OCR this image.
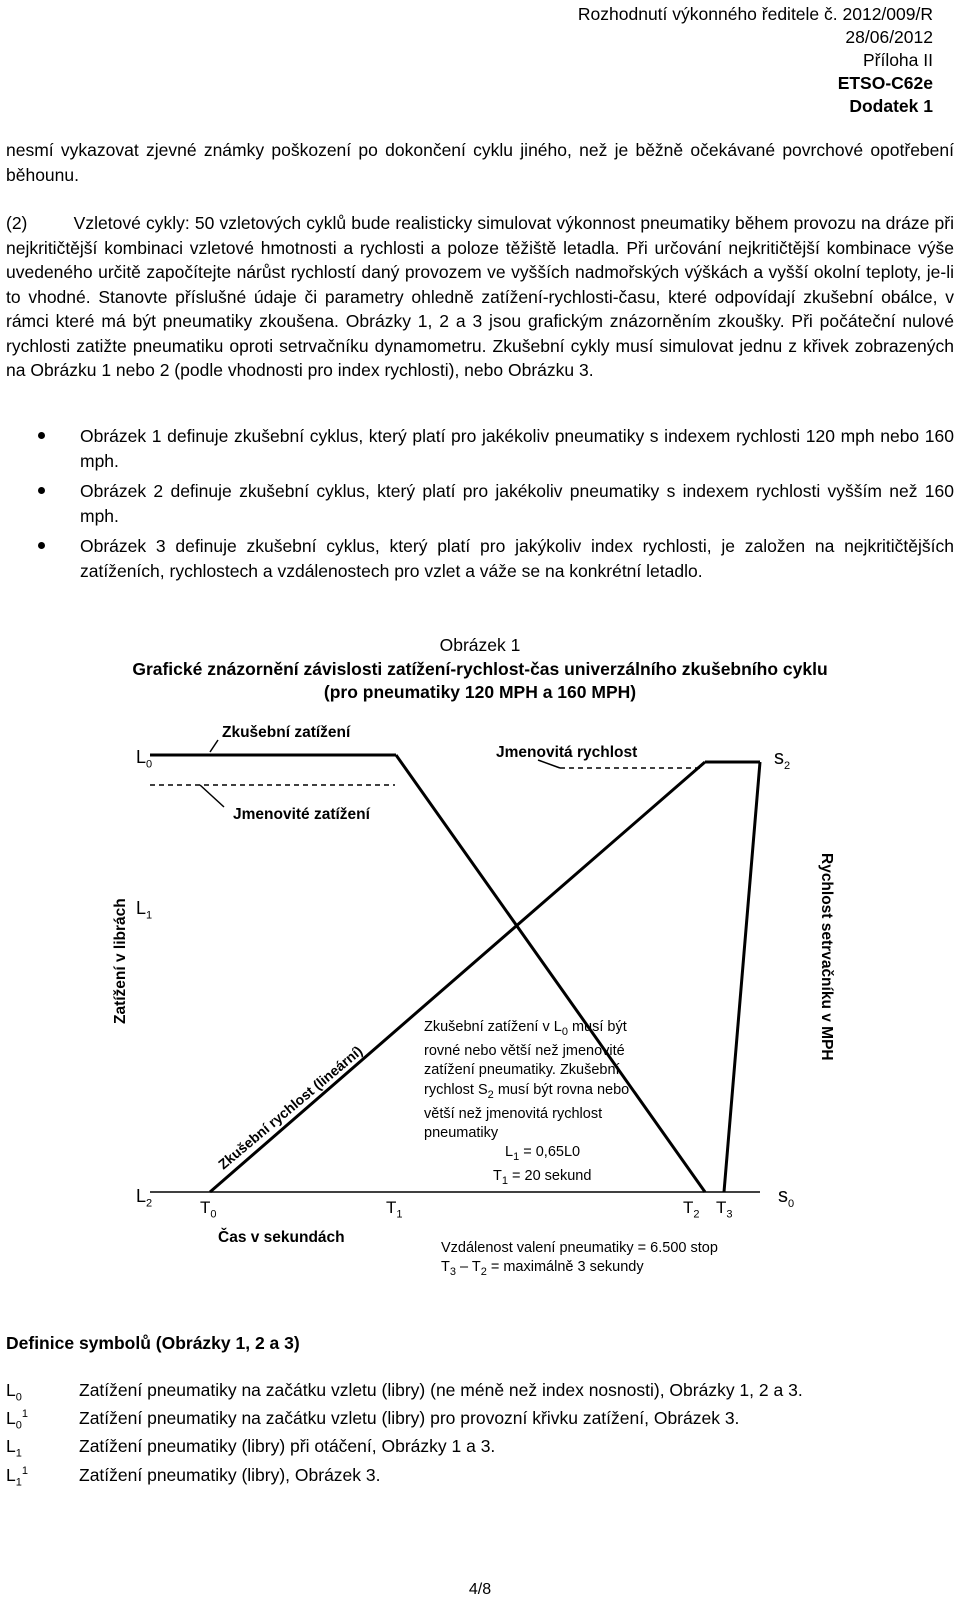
Rozhodnutí výkonného ředitele č. 2012/009/R
28/06/2012
Příloha II
ETSO-C62e
Dodatek 1
nesmí vykazovat zjevné známky poškození po dokončení cyklu jiného, než je běžně očekávané povrchové opotřebení běhounu.
(2)         Vzletové cykly: 50 vzletových cyklů bude realisticky simulovat výkonnost pneumatiky během provozu na dráze při nejkritičtější kombinaci vzletové hmotnosti a rychlosti a poloze těžiště letadla. Při určování nejkritičtější kombinace výše uvedeného určitě započítejte nárůst rychlostí daný provozem ve vyšších nadmořských výškách a vyšší okolní teploty, je-li to vhodné. Stanovte příslušné údaje či parametry ohledně zatížení-rychlosti-času, které odpovídají zkušební obálce, v rámci které má být pneumatiky zkoušena. Obrázky 1, 2 a 3 jsou grafickým znázorněním zkoušky. Při počáteční nulové rychlosti zatižte pneumatiku oproti setrvačníku dynamometru. Zkušební cykly musí simulovat jednu z křivek zobrazených na Obrázku 1 nebo 2 (podle vhodnosti pro index rychlosti), nebo Obrázku 3.
Obrázek 1 definuje zkušební cyklus, který platí pro jakékoliv pneumatiky s indexem rychlosti 120 mph nebo 160 mph.
Obrázek 2 definuje zkušební cyklus, který platí pro jakékoliv pneumatiky s indexem rychlosti vyšším než 160 mph.
Obrázek 3 definuje zkušební cyklus, který platí pro jakýkoliv index rychlosti, je založen na nejkritičtějších zatíženích, rychlostech a vzdálenostech pro vzlet a váže se na konkrétní letadlo.
Obrázek 1
Grafické znázornění závislosti zatížení-rychlost-čas univerzálního zkušebního cyklu
(pro pneumatiky 120 MPH a 160 MPH)
Zkušební zatížení
Jmenovitá rychlost
Jmenovité zatížení
Zkušební rychlost (lineární)
Zatížení v librách	Rychlost setrvačníku v MPH
$L_0$
$L_1$
$L_2$
$s_2$
$s_0$
$T_0$	$T_1$	$T_2$ $T_3$
Čas v sekundách
Zkušební zatížení v $L_0$ musí být
rovné nebo větší než jmenovité
zatížení pneumatiky. Zkušební
rychlost $S_2$ musí být rovna nebo
větší než jmenovitá rychlost
pneumatiky
$L_1 = 0,65L0$
$T_1 = 20$ sekund
Vzdálenost valení pneumatiky = 6.500 stop
$T_3 - T_2$ = maximálně 3 sekundy
Definice symbolů (Obrázky 1, 2 a 3)
$L_0$	Zatížení pneumatiky na začátku vzletu (libry) (ne méně než index nosnosti), Obrázky 1, 2 a 3.
$L_0^1$	Zatížení pneumatiky na začátku vzletu (libry) pro provozní křivku zatížení, Obrázek 3.
$L_1$	Zatížení pneumatiky (libry) při otáčení, Obrázky 1 a 3.
$L_1^1$	Zatížení pneumatiky (libry), Obrázek 3.
4/8
